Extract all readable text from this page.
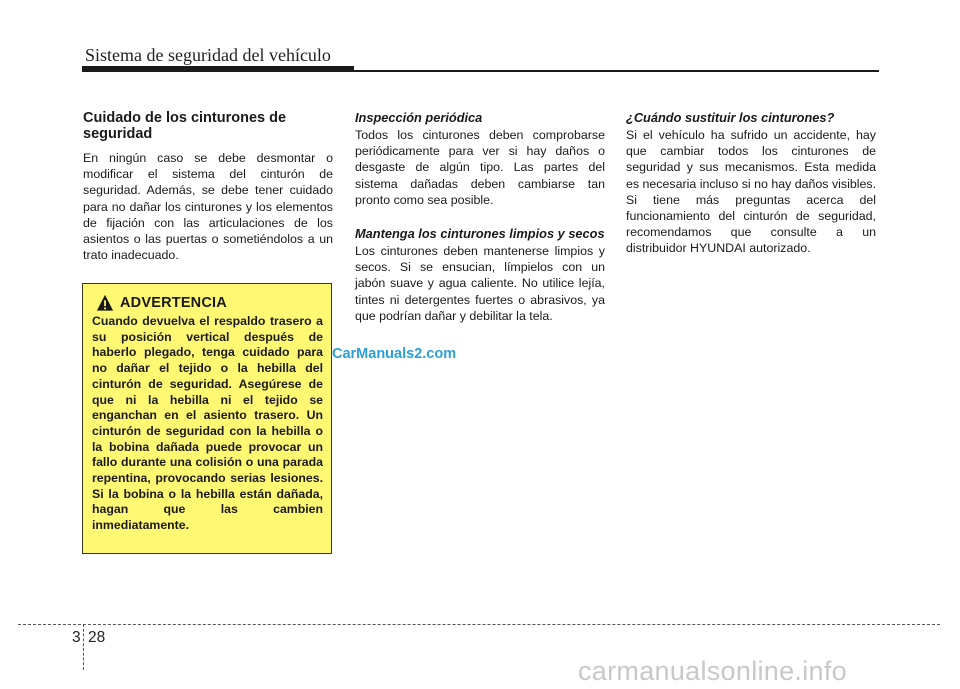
Sistema de seguridad del vehículo
Cuidado de los cinturones de seguridad
En ningún caso se debe desmontar o modificar el sistema del cinturón de seguridad. Además, se debe tener cuidado para no dañar los cinturones y los elementos de fijación con las articulaciones de los asientos o las puertas o sometiéndolos a un trato inadecuado.
ADVERTENCIA
Cuando devuelva el respaldo trasero a su posición vertical después de haberlo plegado, tenga cuidado para no dañar el tejido o la hebilla del cinturón de seguridad. Asegúrese de que ni la hebilla ni el tejido se enganchan en el asiento trasero. Un cinturón de seguridad con la hebilla o la bobina dañada puede provocar un fallo durante una colisión o una parada repentina, provocando serias lesiones. Si la bobina o la hebilla están dañada, hagan que las cambien inmediatamente.
Inspección periódica
Todos los cinturones deben comprobarse periódicamente para ver si hay daños o desgaste de algún tipo. Las partes del sistema dañadas deben cambiarse tan pronto como sea posible.
Mantenga los cinturones limpios y secos
Los cinturones deben mantenerse limpios y secos. Si se ensucian, límpielos con un jabón suave y agua caliente. No utilice lejía, tintes ni detergentes fuertes o abrasivos, ya que podrían dañar y debilitar la tela.
¿Cuándo sustituir los cinturones?
Si el vehículo ha sufrido un accidente, hay que cambiar todos los cinturones de seguridad y sus mecanismos. Esta medida es necesaria incluso si no hay daños visibles. Si tiene más preguntas acerca del funcionamiento del cinturón de seguridad, recomendamos que consulte a un distribuidor HYUNDAI autorizado.
CarManuals2.com
3 28
carmanualsonline.info
